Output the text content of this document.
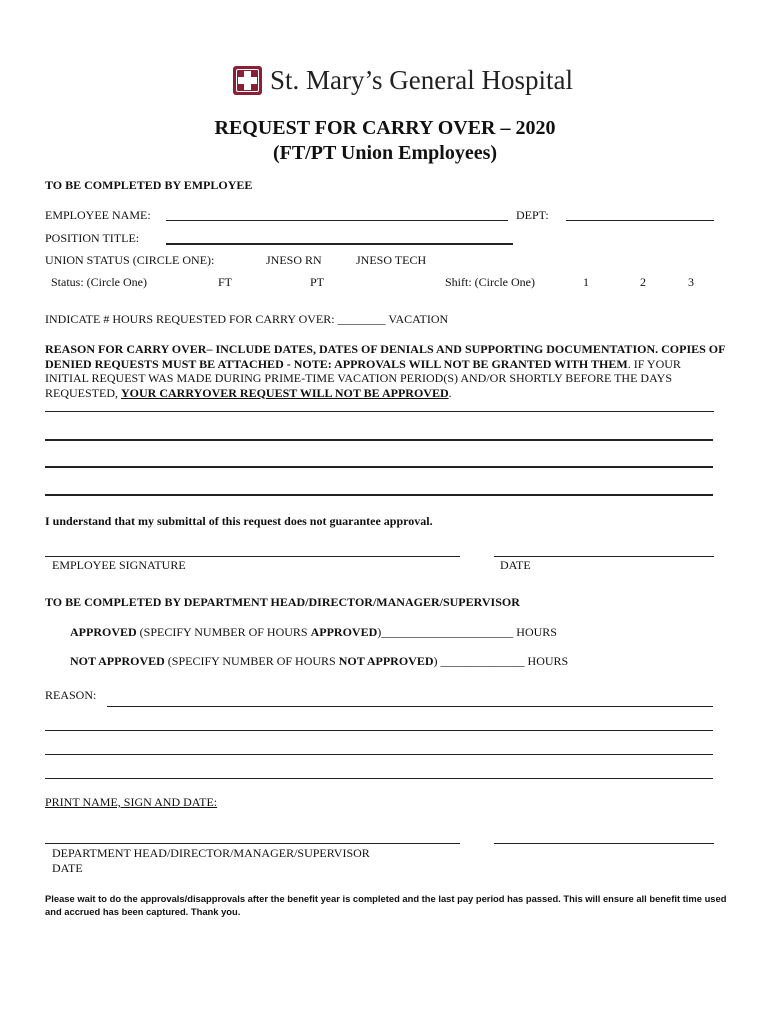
St. Mary’s General Hospital
REQUEST FOR CARRY OVER – 2020
(FT/PT Union Employees)
TO BE COMPLETED BY EMPLOYEE
EMPLOYEE NAME:	DEPT:
POSITION TITLE:
UNION STATUS (CIRCLE ONE):	JNESO RN	JNESO TECH
Status: (Circle One)	FT	PT	Shift: (Circle One)	1	2	3
INDICATE # HOURS REQUESTED FOR CARRY OVER: ________ VACATION
REASON FOR CARRY OVER– INCLUDE DATES, DATES OF DENIALS AND SUPPORTING DOCUMENTATION. COPIES OF DENIED REQUESTS MUST BE ATTACHED - NOTE: APPROVALS WILL NOT BE GRANTED WITH THEM. IF YOUR INITIAL REQUEST WAS MADE DURING PRIME-TIME VACATION PERIOD(S) AND/OR SHORTLY BEFORE THE DAYS REQUESTED, YOUR CARRYOVER REQUEST WILL NOT BE APPROVED.
I understand that my submittal of this request does not guarantee approval.
EMPLOYEE SIGNATURE	DATE
TO BE COMPLETED BY DEPARTMENT HEAD/DIRECTOR/MANAGER/SUPERVISOR
APPROVED (SPECIFY NUMBER OF HOURS APPROVED)______________________ HOURS
NOT APPROVED (SPECIFY NUMBER OF HOURS NOT APPROVED) ______________ HOURS
REASON:
PRINT NAME, SIGN AND DATE:
DEPARTMENT HEAD/DIRECTOR/MANAGER/SUPERVISOR
DATE
Please wait to do the approvals/disapprovals after the benefit year is completed and the last pay period has passed. This will ensure all benefit time used and accrued has been captured. Thank you.
